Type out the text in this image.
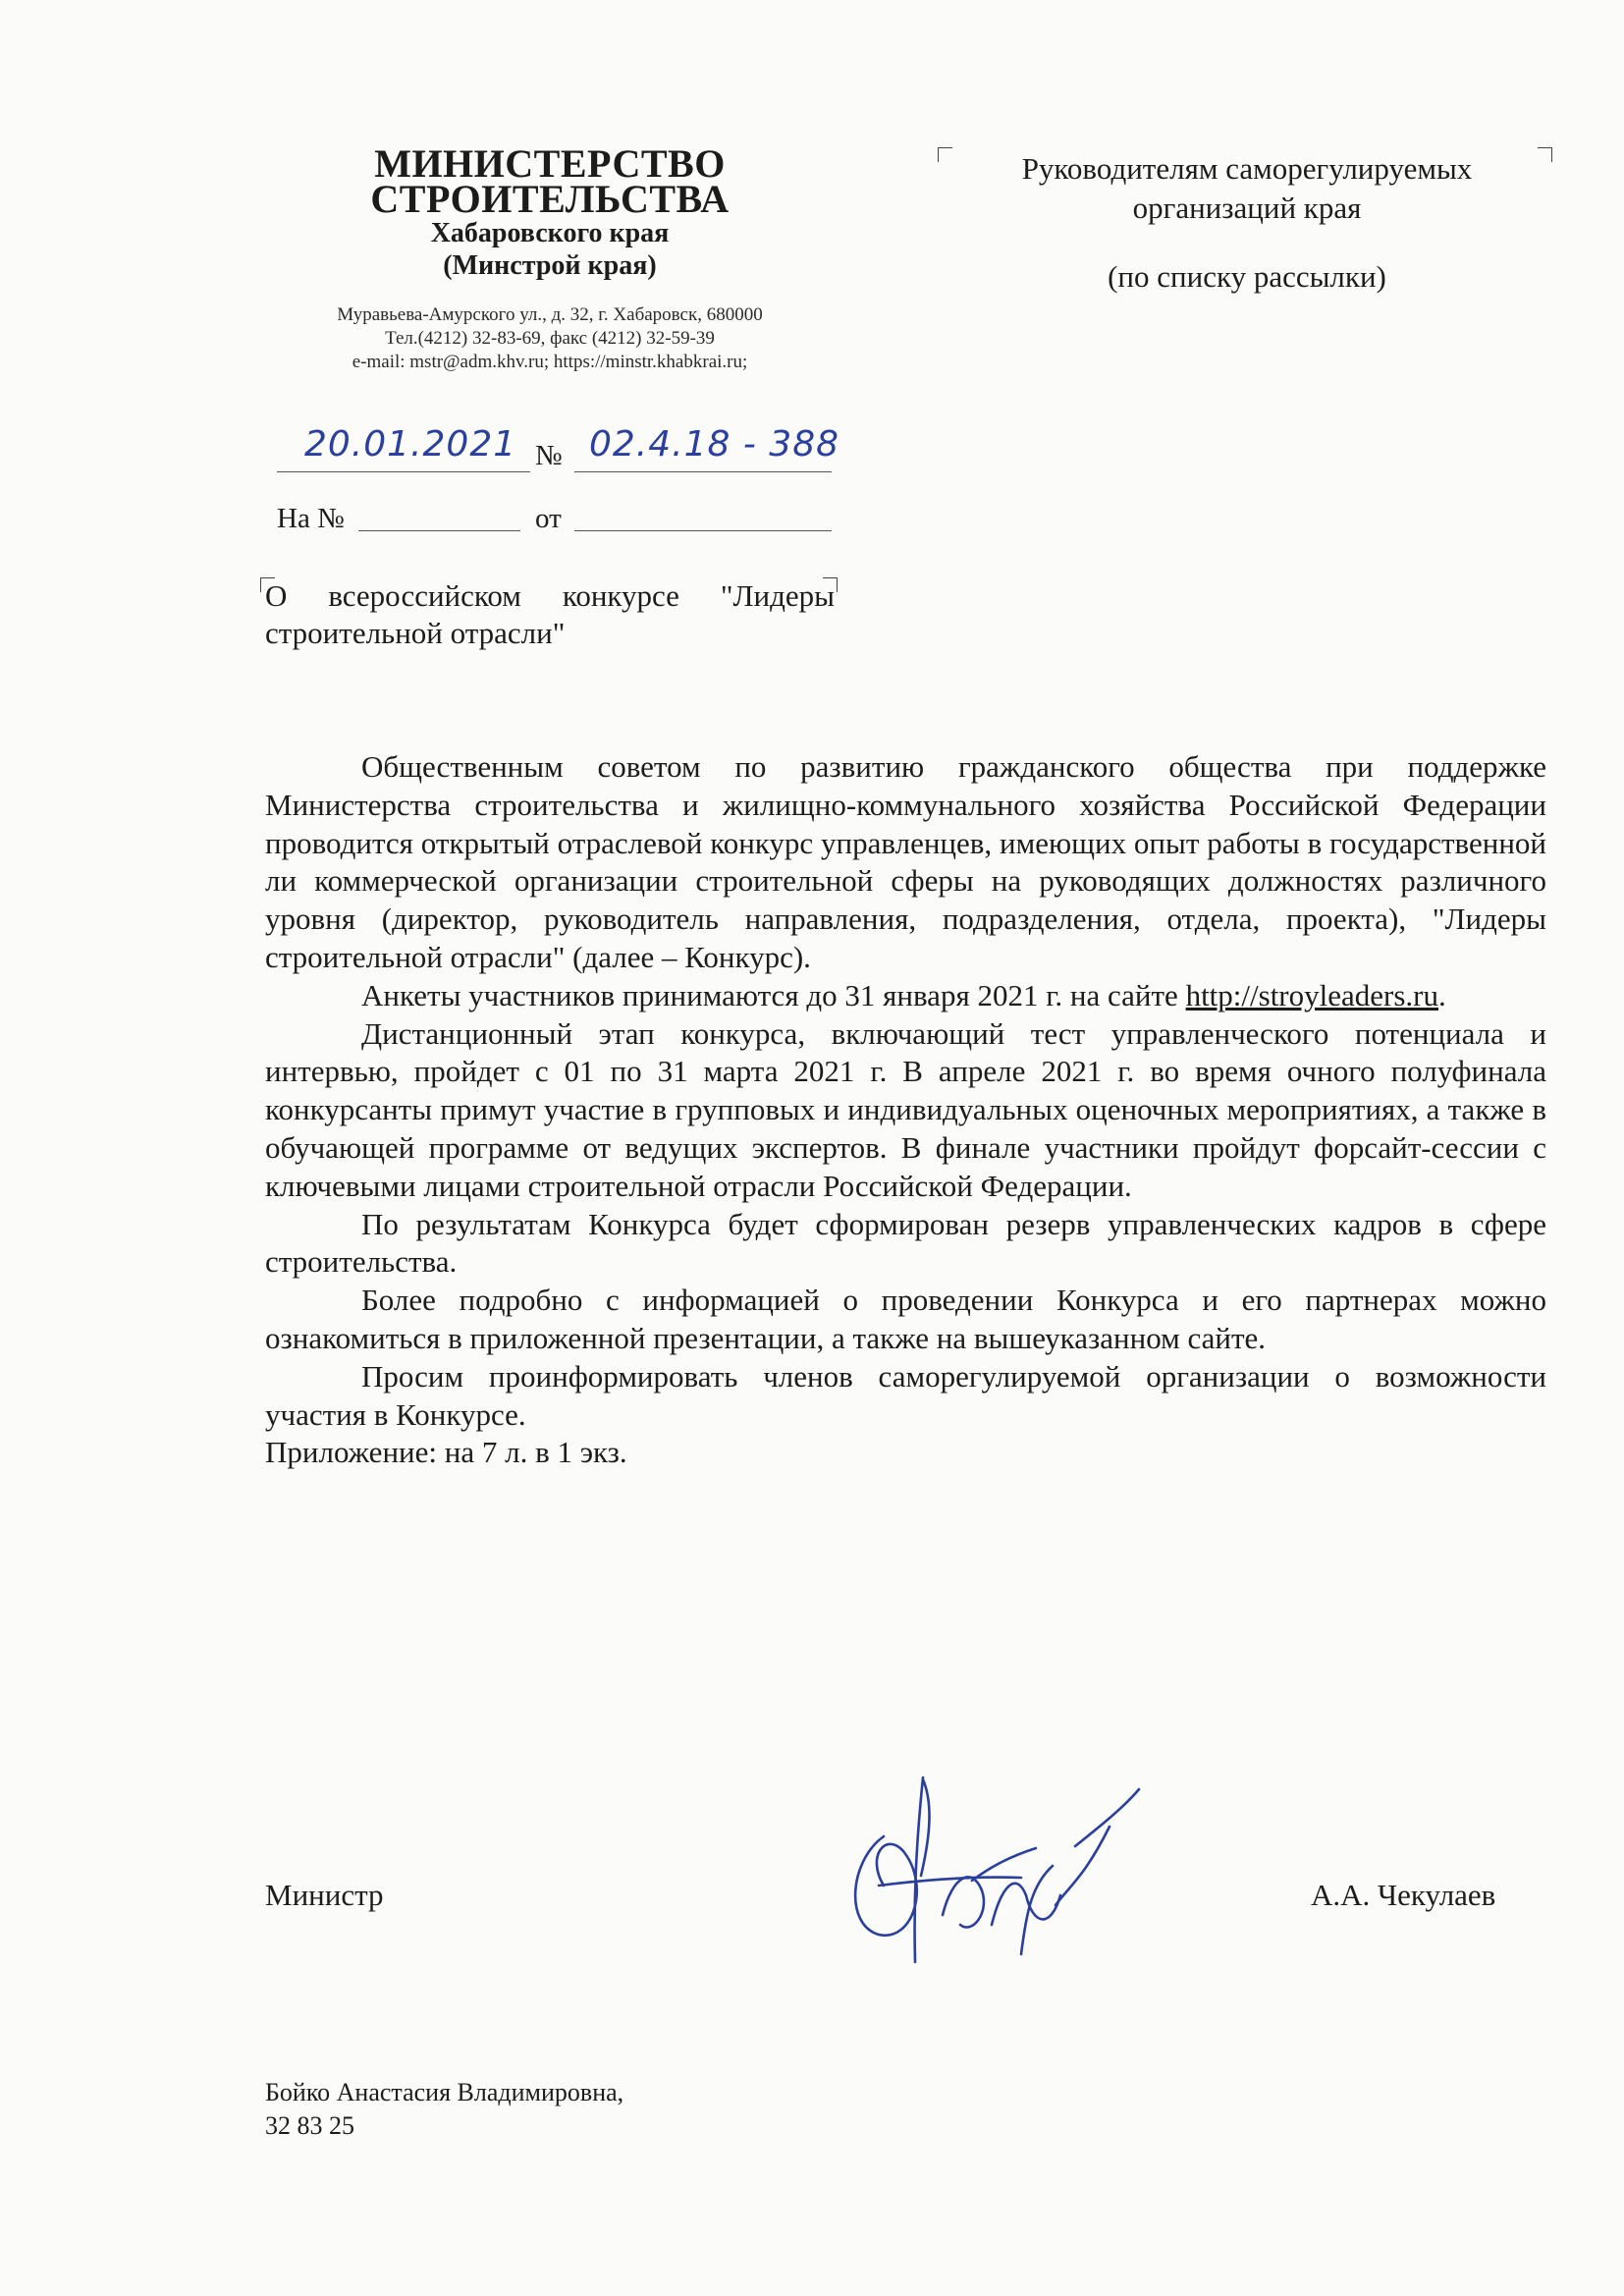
МИНИСТЕРСТВО
СТРОИТЕЛЬСТВА
Хабаровского края
(Минстрой края)
Муравьева-Амурского ул., д. 32, г. Хабаровск, 680000
Тел.(4212) 32-83-69, факс (4212) 32-59-39
e-mail: mstr@adm.khv.ru; https://minstr.khabkrai.ru;
20.01.2021 № 02.4.18 - 388
На №	от
Руководителям саморегулируемых
организаций края
(по списку рассылки)
О всероссийском конкурсе "Лидеры строительной отрасли"

Общественным советом по развитию гражданского общества при поддержке Министерства строительства и жилищно-коммунального хозяйства Российской Федерации проводится открытый отраслевой конкурс управленцев, имеющих опыт работы в государственной ли коммерческой организации строительной сферы на руководящих должностях различного уровня (директор, руководитель направления, подразделения, отдела, проекта), "Лидеры строительной отрасли" (далее – Конкурс).

Анкеты участников принимаются до 31 января 2021 г. на сайте http://stroyleaders.ru.

Дистанционный этап конкурса, включающий тест управленческого потенциала и интервью, пройдет с 01 по 31 марта 2021 г. В апреле 2021 г. во время очного полуфинала конкурсанты примут участие в групповых и индивидуальных оценочных мероприятиях, а также в обучающей программе от ведущих экспертов. В финале участники пройдут форсайт-сессии с ключевыми лицами строительной отрасли Российской Федерации.

По результатам Конкурса будет сформирован резерв управленческих кадров в сфере строительства.

Более подробно с информацией о проведении Конкурса и его партнерах можно ознакомиться в приложенной презентации, а также на вышеуказанном сайте.

Просим проинформировать членов саморегулируемой организации о возможности участия в Конкурсе.

Приложение: на 7 л. в 1 экз.

Министр	А.А. Чекулаев
Бойко Анастасия Владимировна,
32 83 25
